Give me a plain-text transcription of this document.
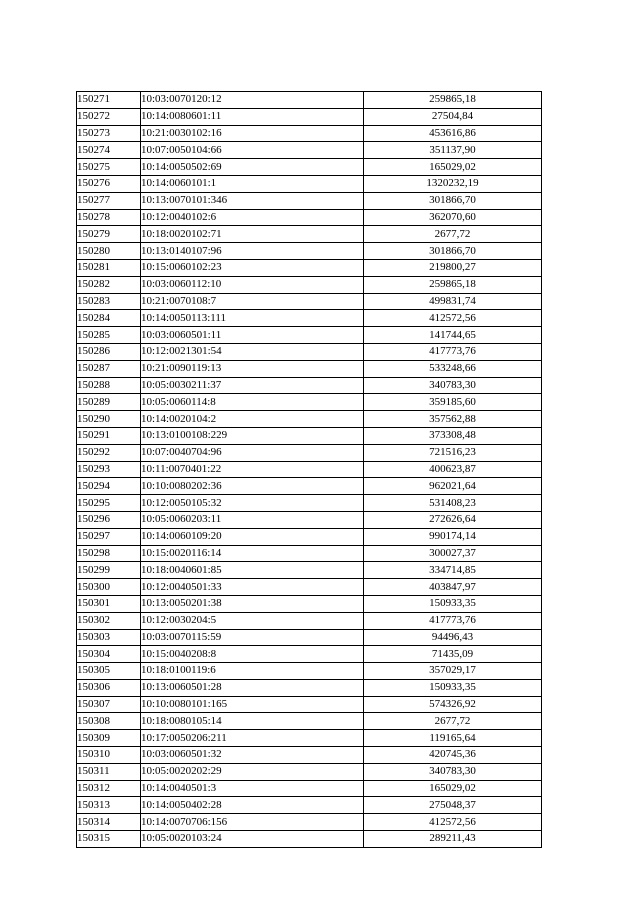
150271	10:03:0070120:12	259865,18
150272	10:14:0080601:11	27504,84
150273	10:21:0030102:16	453616,86
150274	10:07:0050104:66	351137,90
150275	10:14:0050502:69	165029,02
150276	10:14:0060101:1	1320232,19
150277	10:13:0070101:346	301866,70
150278	10:12:0040102:6	362070,60
150279	10:18:0020102:71	2677,72
150280	10:13:0140107:96	301866,70
150281	10:15:0060102:23	219800,27
150282	10:03:0060112:10	259865,18
150283	10:21:0070108:7	499831,74
150284	10:14:0050113:111	412572,56
150285	10:03:0060501:11	141744,65
150286	10:12:0021301:54	417773,76
150287	10:21:0090119:13	533248,66
150288	10:05:0030211:37	340783,30
150289	10:05:0060114:8	359185,60
150290	10:14:0020104:2	357562,88
150291	10:13:0100108:229	373308,48
150292	10:07:0040704:96	721516,23
150293	10:11:0070401:22	400623,87
150294	10:10:0080202:36	962021,64
150295	10:12:0050105:32	531408,23
150296	10:05:0060203:11	272626,64
150297	10:14:0060109:20	990174,14
150298	10:15:0020116:14	300027,37
150299	10:18:0040601:85	334714,85
150300	10:12:0040501:33	403847,97
150301	10:13:0050201:38	150933,35
150302	10:12:0030204:5	417773,76
150303	10:03:0070115:59	94496,43
150304	10:15:0040208:8	71435,09
150305	10:18:0100119:6	357029,17
150306	10:13:0060501:28	150933,35
150307	10:10:0080101:165	574326,92
150308	10:18:0080105:14	2677,72
150309	10:17:0050206:211	119165,64
150310	10:03:0060501:32	420745,36
150311	10:05:0020202:29	340783,30
150312	10:14:0040501:3	165029,02
150313	10:14:0050402:28	275048,37
150314	10:14:0070706:156	412572,56
150315	10:05:0020103:24	289211,43
